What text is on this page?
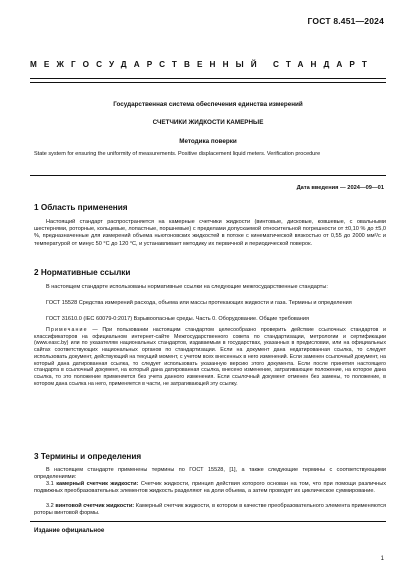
ГОСТ 8.451—2024
МЕЖГОСУДАРСТВЕННЫЙ СТАНДАРТ
Государственная система обеспечения единства измерений
СЧЕТЧИКИ ЖИДКОСТИ КАМЕРНЫЕ
Методика поверки
State system for ensuring the uniformity of measurements. Positive displacement liquid meters. Verification procedure
Дата введения — 2024—09—01
1 Область применения
Настоящий стандарт распространяется на камерные счетчики жидкости (винтовые, дисковые, ковшевые, с овальными шестернями, роторные, кольцевые, лопастные, поршневые) с пределами допускаемой относительной погрешности от ±0,10 % до ±5,0 %, предназначенные для измерений объема ньютоновских жидкостей в потоке с кинематической вязкостью от 0,55 до 2000 мм²/с и температурой от минус 50 °С до 120 °С, и устанавливает методику их первичной и периодической поверок.
2 Нормативные ссылки
В настоящем стандарте использованы нормативные ссылки на следующие межгосударственные стандарты:
ГОСТ 15528 Средства измерений расхода, объема или массы протекающих жидкости и газа. Термины и определения
ГОСТ 31610.0 (IEC 60079-0:2017) Взрывоопасные среды. Часть 0. Оборудование. Общие требования
Примечание — При пользовании настоящим стандартом целесообразно проверить действие ссылочных стандартов и классификаторов на официальном интернет-сайте Межгосударственного совета по стандартизации, метрологии и сертификации (www.easc.by) или по указателям национальных стандартов, издаваемым в государствах, указанных в предисловии, или на официальных сайтах соответствующих национальных органов по стандартизации. Если на документ дана недатированная ссылка, то следует использовать документ, действующий на текущий момент, с учетом всех внесенных в него изменений. Если заменен ссылочный документ, на который дана датированная ссылка, то следует использовать указанную версию этого документа. Если после принятия настоящего стандарта в ссылочный документ, на который дана датированная ссылка, внесено изменение, затрагивающее положение, на которое дана ссылка, то это положение применяется без учета данного изменения. Если ссылочный документ отменен без замены, то положение, в котором дана ссылка на него, применяется в части, не затрагивающей эту ссылку.
3 Термины и определения
В настоящем стандарте применены термины по ГОСТ 15528, [1], а также следующие термины с соответствующими определениями:
3.1 камерный счетчик жидкости: Счетчик жидкости, принцип действия которого основан на том, что при помощи различных подвижных преобразовательных элементов жидкость разделяют на доли объема, а затем проводят их циклическое суммирование.
3.2 винтовой счетчик жидкости: Камерный счетчик жидкости, в котором в качестве преобразовательного элемента применяются роторы винтовой формы.
Издание официальное
1
